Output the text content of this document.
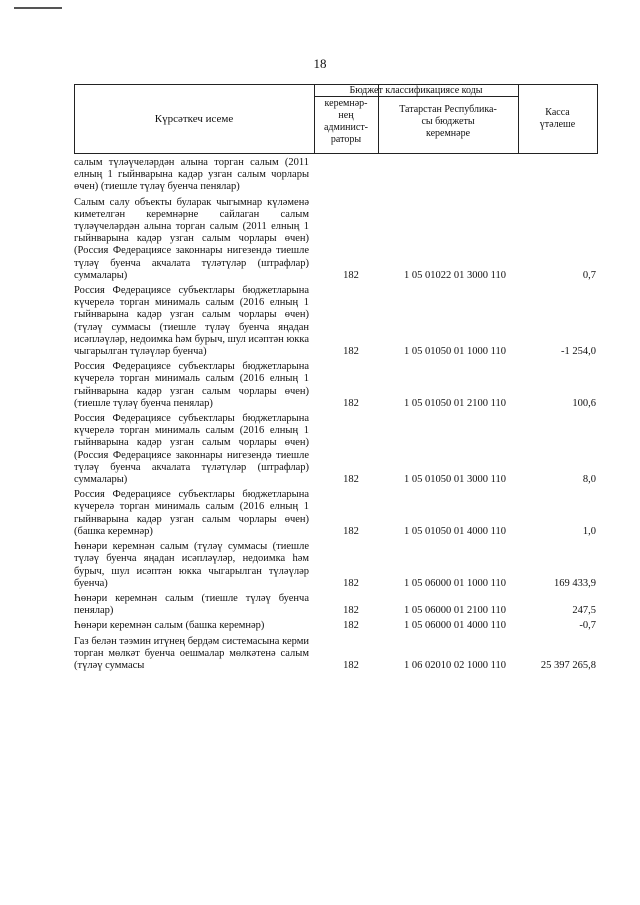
18
Күрсәткеч исеме
Бюджет классификациясе коды
керемнәр-
нең
админист-
раторы
Татарстан Республика-
сы бюджеты
керемнәре
Касса
үтәлеше
салым түләүчеләрдән алына торган салым (2011 елның 1 гыйнварына кадәр узган салым чорлары өчен) (тиешле түләү буенча пенялар)
Салым салу объекты буларак чыгымнар күләменә киметелгән керемнәрне сайлаган салым түләүчеләрдән алына торган салым (2011 елның 1 гыйнварына кадәр узган салым чорлары өчен) (Россия Федерациясе законнары нигезендә тиешле түләү буенча акчалата түләтүләр (штрафлар) суммалары)	182	1 05 01022 01 3000 110	0,7
Россия Федерациясе субъектлары бюджетларына күчерелә торган минималь салым (2016 елның 1 гыйнварына кадәр узган салым чорлары өчен) (түләү суммасы (тиешле түләү буенча яңадан исәпләүләр, недоимка һәм бурыч, шул исәптән юкка чыгарылган түләүләр буенча)	182	1 05 01050 01 1000 110	-1 254,0
Россия Федерациясе субъектлары бюджетларына күчерелә торган минималь салым (2016 елның 1 гыйнварына кадәр узган салым чорлары өчен) (тиешле түләү буенча пенялар)	182	1 05 01050 01 2100 110	100,6
Россия Федерациясе субъектлары бюджетларына күчерелә торган минималь салым (2016 елның 1 гыйнварына кадәр узган салым чорлары өчен) (Россия Федерациясе законнары нигезендә тиешле түләү буенча акчалата түләтүләр (штрафлар) суммалары)	182	1 05 01050 01 3000 110	8,0
Россия Федерациясе субъектлары бюджетларына күчерелә торган минималь салым (2016 елның 1 гыйнварына кадәр узган салым чорлары өчен) (башка керемнәр)	182	1 05 01050 01 4000 110	1,0
Һөнәри керемнән салым (түләү суммасы (тиешле түләү буенча яңадан исәпләүләр, недоимка һәм бурыч, шул исәптән юкка чыгарылган түләүләр буенча)	182	1 05 06000 01 1000 110	169 433,9
Һөнәри керемнән салым (тиешле түләү буенча пенялар)	182	1 05 06000 01 2100 110	247,5
Һөнәри керемнән салым (башка керемнәр)	182	1 05 06000 01 4000 110	-0,7
Газ белән тәэмин итүнең бердәм системасына керми торган мөлкәт буенча оешмалар мөлкәтенә салым (түләү суммасы	182	1 06 02010 02 1000 110	25 397 265,8
